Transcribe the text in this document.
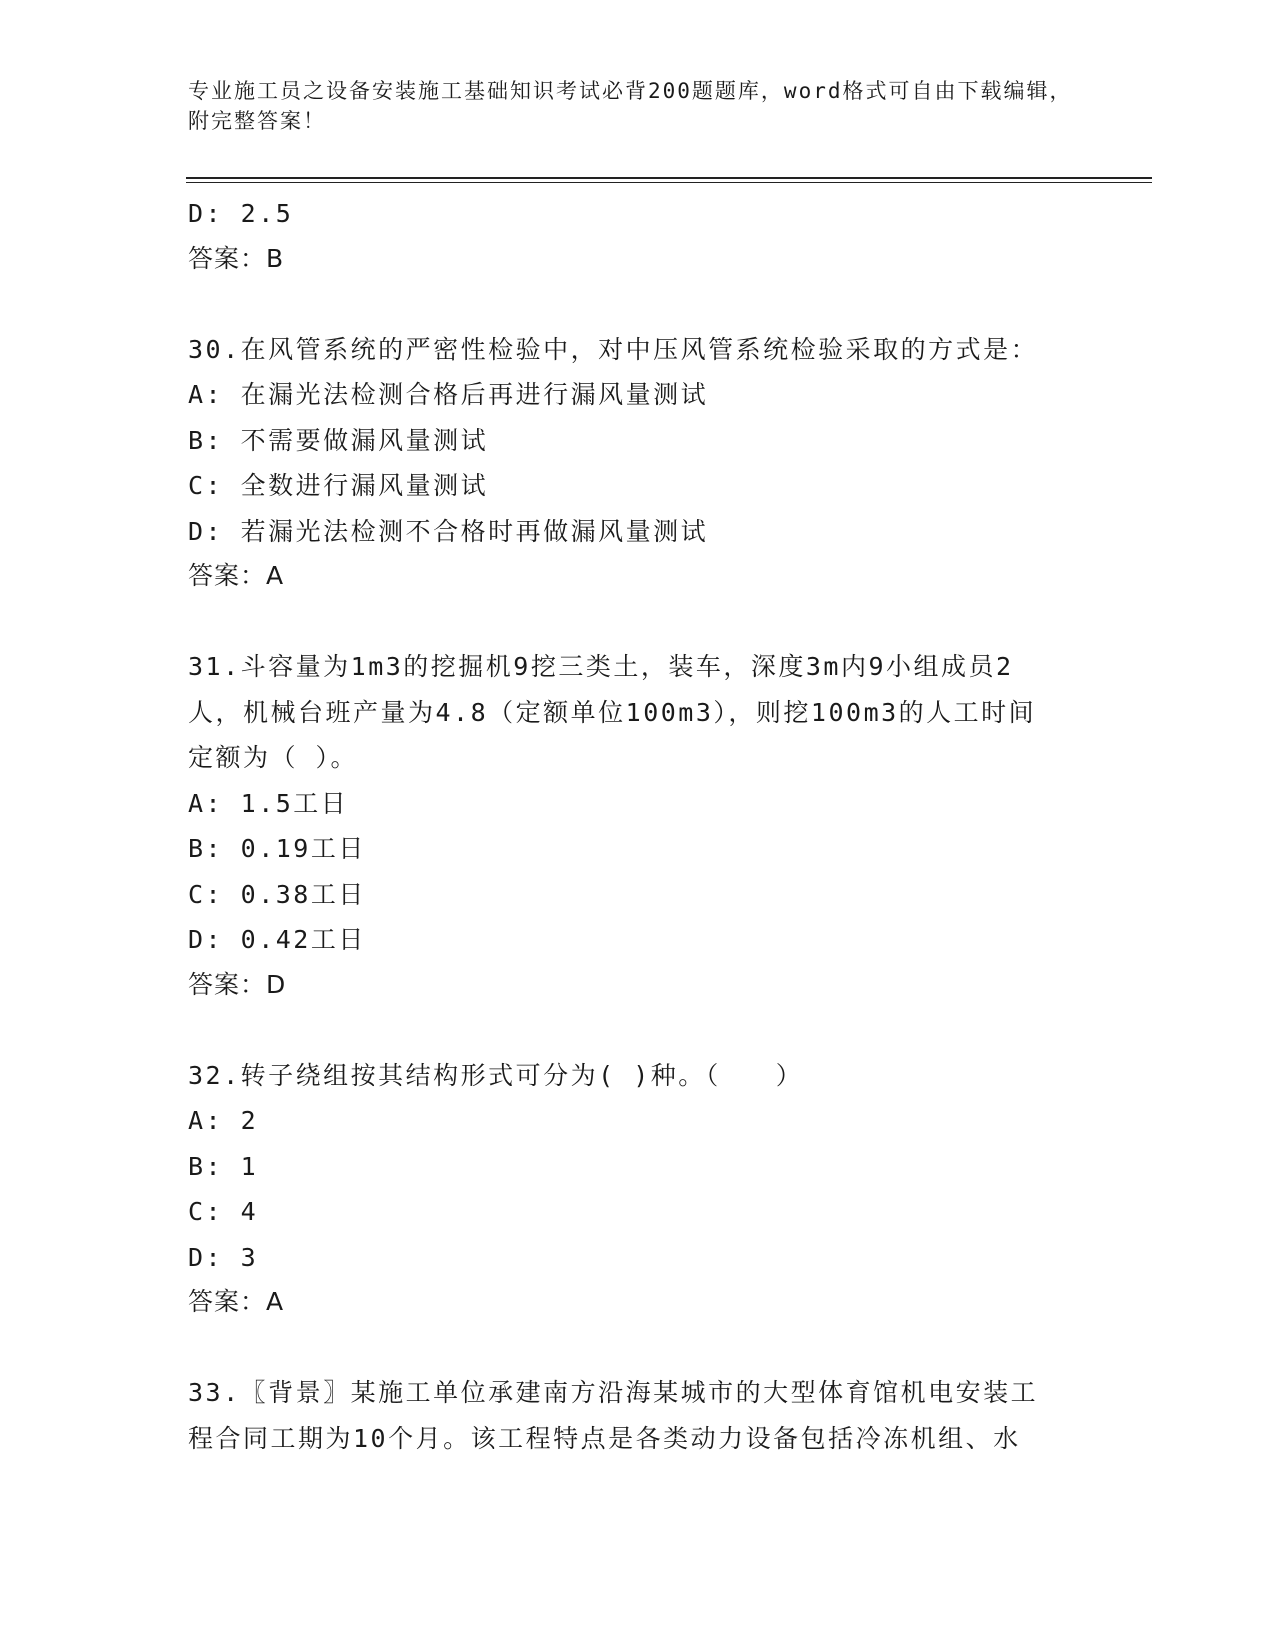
专业施工员之设备安装施工基础知识考试必背200题题库，word格式可自由下载编辑，附完整答案！
D: 2.5
答案：B
30.在风管系统的严密性检验中，对中压风管系统检验采取的方式是：
A: 在漏光法检测合格后再进行漏风量测试
B: 不需要做漏风量测试
C: 全数进行漏风量测试
D: 若漏光法检测不合格时再做漏风量测试
答案：A
31.斗容量为1m3的挖掘机9挖三类土，装车，深度3m内9小组成员2人，机械台班产量为4.8（定额单位100m3），则挖100m3的人工时间定额为（ ）。
A: 1.5工日
B: 0.19工日
C: 0.38工日
D: 0.42工日
答案：D
32.转子绕组按其结构形式可分为( )种。（　　）
A: 2
B: 1
C: 4
D: 3
答案：A
33.〖背景〗某施工单位承建南方沿海某城市的大型体育馆机电安装工程合同工期为10个月。该工程特点是各类动力设备包括冷冻机组、水
